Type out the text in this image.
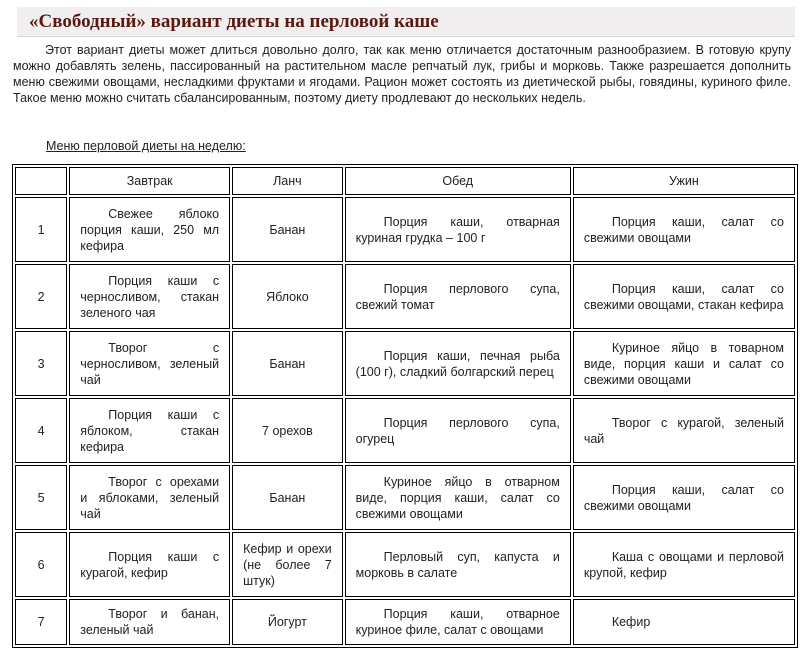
«Свободный» вариант диеты на перловой каше

Этот вариант диеты может длиться довольно долго, так как меню отличается достаточным разнообразием. В готовую крупу можно добавлять зелень, пассированный на растительном масле репчатый лук, грибы и морковь. Также разрешается дополнить меню свежими овощами, несладкими фруктами и ягодами. Рацион может состоять из диетической рыбы, говядины, куриного филе. Такое меню можно считать сбалансированным, поэтому диету продлевают до нескольких недель.

Меню перловой диеты на неделю:
	Завтрак	Ланч	Обед	Ужин
1	Свежее яблоко порция каши, 250 мл кефира	Банан	Порция каши, отварная куриная грудка – 100 г	Порция каши, салат со свежими овощами
2	Порция каши с черносливом, стакан зеленого чая	Яблоко	Порция перлового супа, свежий томат	Порция каши, салат со свежими овощами, стакан кефира
3	Творог с черносливом, зеленый чай	Банан	Порция каши, печная рыба (100 г), сладкий болгарский перец	Куриное яйцо в товарном виде, порция каши и салат со свежими овощами
4	Порция каши с яблоком, стакан кефира	7 орехов	Порция перлового супа, огурец	Творог с курагой, зеленый чай
5	Творог с орехами и яблоками, зеленый чай	Банан	Куриное яйцо в отварном виде, порция каши, салат со свежими овощами	Порция каши, салат со свежими овощами
6	Порция каши с курагой, кефир	Кефир и орехи (не более 7 штук)	Перловый суп, капуста и морковь в салате	Каша с овощами и перловой крупой, кефир
7	Творог и банан, зеленый чай	Йогурт	Порция каши, отварное куриное филе, салат с овощами	Кефир
